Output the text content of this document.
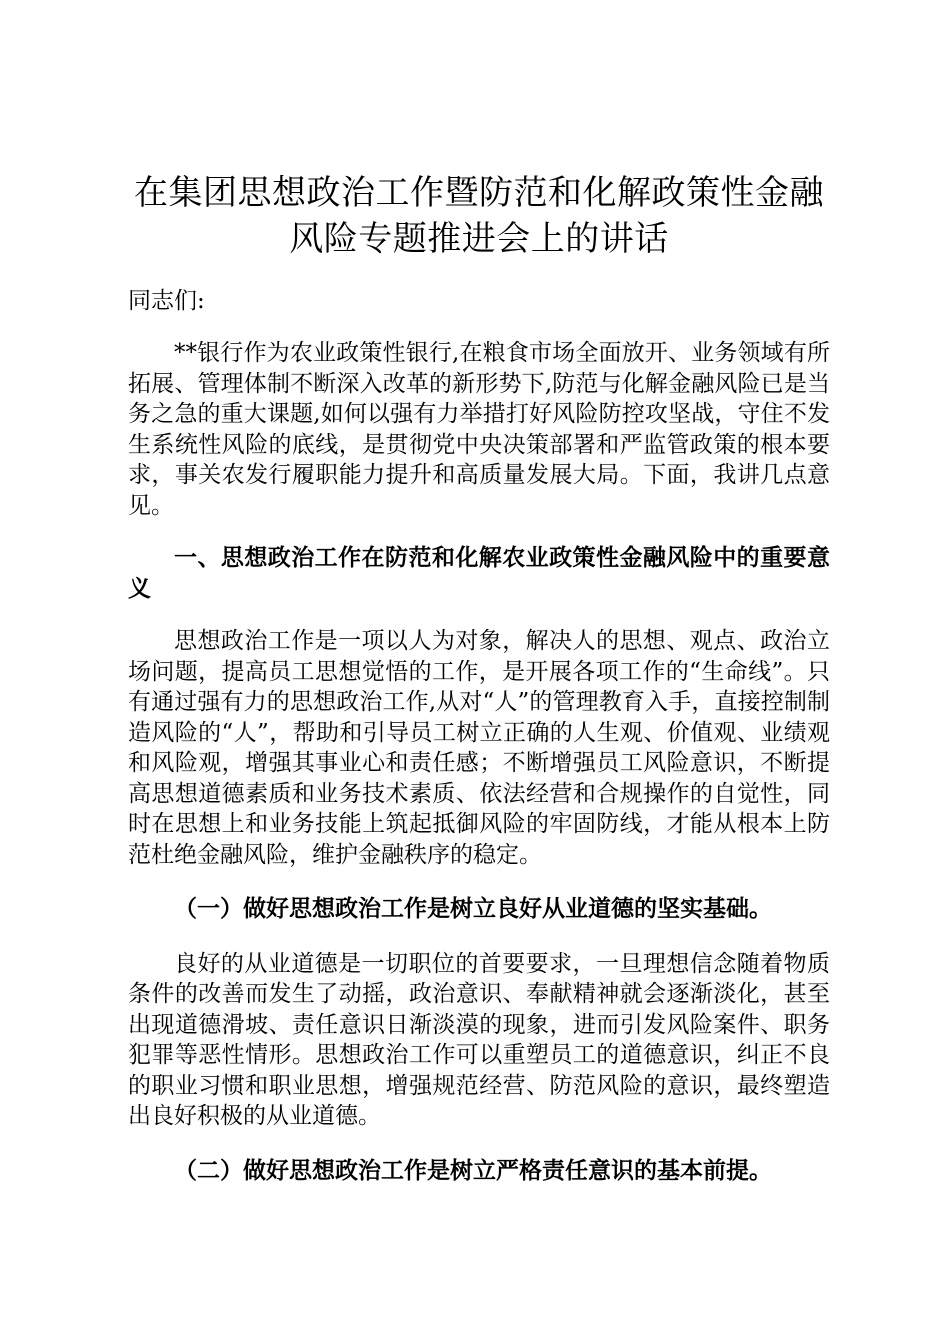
在集团思想政治工作暨防范和化解政策性金融
风险专题推进会上的讲话

同志们:

**银行作为农业政策性银行,在粮食市场全面放开、业务领域有所拓展、管理体制不断深入改革的新形势下,防范与化解金融风险已是当务之急的重大课题,如何以强有力举措打好风险防控攻坚战，守住不发生系统性风险的底线，是贯彻党中央决策部署和严监管政策的根本要求，事关农发行履职能力提升和高质量发展大局。下面，我讲几点意见。

一、思想政治工作在防范和化解农业政策性金融风险中的重要意义

思想政治工作是一项以人为对象，解决人的思想、观点、政治立场问题，提高员工思想觉悟的工作，是开展各项工作的“生命线”。只有通过强有力的思想政治工作,从对“人”的管理教育入手，直接控制制造风险的“人”，帮助和引导员工树立正确的人生观、价值观、业绩观和风险观，增强其事业心和责任感；不断增强员工风险意识，不断提高思想道德素质和业务技术素质、依法经营和合规操作的自觉性，同时在思想上和业务技能上筑起抵御风险的牢固防线，才能从根本上防范杜绝金融风险，维护金融秩序的稳定。

（一）做好思想政治工作是树立良好从业道德的坚实基础。

良好的从业道德是一切职位的首要要求，一旦理想信念随着物质条件的改善而发生了动摇，政治意识、奉献精神就会逐渐淡化，甚至出现道德滑坡、责任意识日渐淡漠的现象，进而引发风险案件、职务犯罪等恶性情形。思想政治工作可以重塑员工的道德意识，纠正不良的职业习惯和职业思想，增强规范经营、防范风险的意识，最终塑造出良好积极的从业道德。

（二）做好思想政治工作是树立严格责任意识的基本前提。
